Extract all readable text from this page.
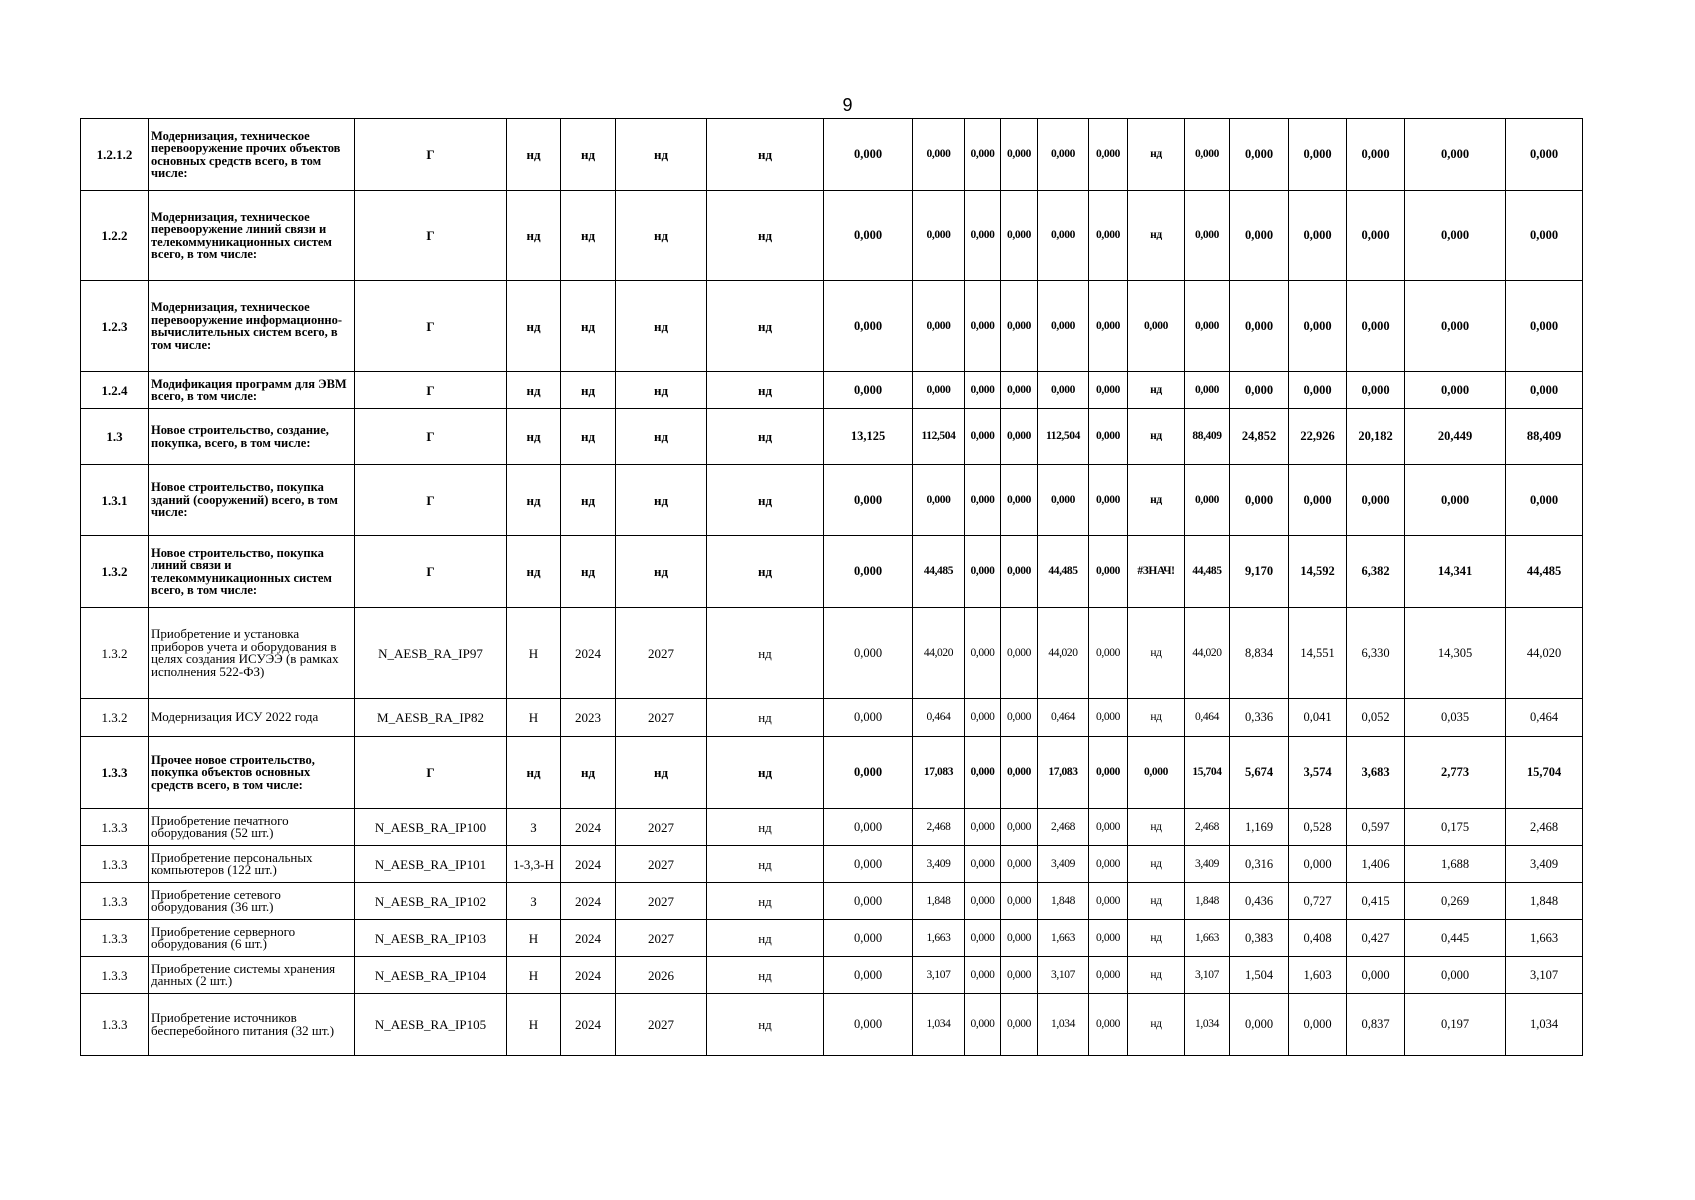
9
1.2.1.2	Модернизация, техническое перевооружение прочих объектов основных средств всего, в том числе:	Г	нд	нд	нд	нд	0,000	0,000	0,000	0,000	0,000	0,000	нд	0,000	0,000	0,000	0,000	0,000	0,000
1.2.2	Модернизация, техническое перевооружение линий связи и телекоммуникационных систем всего, в том числе:	Г	нд	нд	нд	нд	0,000	0,000	0,000	0,000	0,000	0,000	нд	0,000	0,000	0,000	0,000	0,000	0,000
1.2.3	Модернизация, техническое перевооружение информационно-вычислительных систем всего, в том числе:	Г	нд	нд	нд	нд	0,000	0,000	0,000	0,000	0,000	0,000	0,000	0,000	0,000	0,000	0,000	0,000	0,000
1.2.4	Модификация программ для ЭВМ всего, в том числе:	Г	нд	нд	нд	нд	0,000	0,000	0,000	0,000	0,000	0,000	нд	0,000	0,000	0,000	0,000	0,000	0,000
1.3	Новое строительство, создание, покупка, всего, в том числе:	Г	нд	нд	нд	нд	13,125	112,504	0,000	0,000	112,504	0,000	нд	88,409	24,852	22,926	20,182	20,449	88,409
1.3.1	Новое строительство, покупка зданий (сооружений) всего, в том числе:	Г	нд	нд	нд	нд	0,000	0,000	0,000	0,000	0,000	0,000	нд	0,000	0,000	0,000	0,000	0,000	0,000
1.3.2	Новое строительство, покупка линий связи и телекоммуникационных систем всего, в том числе:	Г	нд	нд	нд	нд	0,000	44,485	0,000	0,000	44,485	0,000	#ЗНАЧ!	44,485	9,170	14,592	6,382	14,341	44,485
1.3.2	Приобретение и установка приборов учета и оборудования в целях создания ИСУЭЭ (в рамках исполнения 522-ФЗ)	N_AESB_RA_IP97	Н	2024	2027	нд	0,000	44,020	0,000	0,000	44,020	0,000	нд	44,020	8,834	14,551	6,330	14,305	44,020
1.3.2	Модернизация ИСУ 2022 года	M_AESB_RA_IP82	Н	2023	2027	нд	0,000	0,464	0,000	0,000	0,464	0,000	нд	0,464	0,336	0,041	0,052	0,035	0,464
1.3.3	Прочее новое строительство, покупка объектов основных средств всего, в том числе:	Г	нд	нд	нд	нд	0,000	17,083	0,000	0,000	17,083	0,000	0,000	15,704	5,674	3,574	3,683	2,773	15,704
1.3.3	Приобретение печатного оборудования (52 шт.)	N_AESB_RA_IP100	З	2024	2027	нд	0,000	2,468	0,000	0,000	2,468	0,000	нд	2,468	1,169	0,528	0,597	0,175	2,468
1.3.3	Приобретение персональных компьютеров (122 шт.)	N_AESB_RA_IP101	1-3,3-Н	2024	2027	нд	0,000	3,409	0,000	0,000	3,409	0,000	нд	3,409	0,316	0,000	1,406	1,688	3,409
1.3.3	Приобретение сетевого оборудования (36 шт.)	N_AESB_RA_IP102	З	2024	2027	нд	0,000	1,848	0,000	0,000	1,848	0,000	нд	1,848	0,436	0,727	0,415	0,269	1,848
1.3.3	Приобретение серверного оборудования (6 шт.)	N_AESB_RA_IP103	Н	2024	2027	нд	0,000	1,663	0,000	0,000	1,663	0,000	нд	1,663	0,383	0,408	0,427	0,445	1,663
1.3.3	Приобретение системы хранения данных (2 шт.)	N_AESB_RA_IP104	Н	2024	2026	нд	0,000	3,107	0,000	0,000	3,107	0,000	нд	3,107	1,504	1,603	0,000	0,000	3,107
1.3.3	Приобретение источников бесперебойного питания (32 шт.)	N_AESB_RA_IP105	Н	2024	2027	нд	0,000	1,034	0,000	0,000	1,034	0,000	нд	1,034	0,000	0,000	0,837	0,197	1,034
